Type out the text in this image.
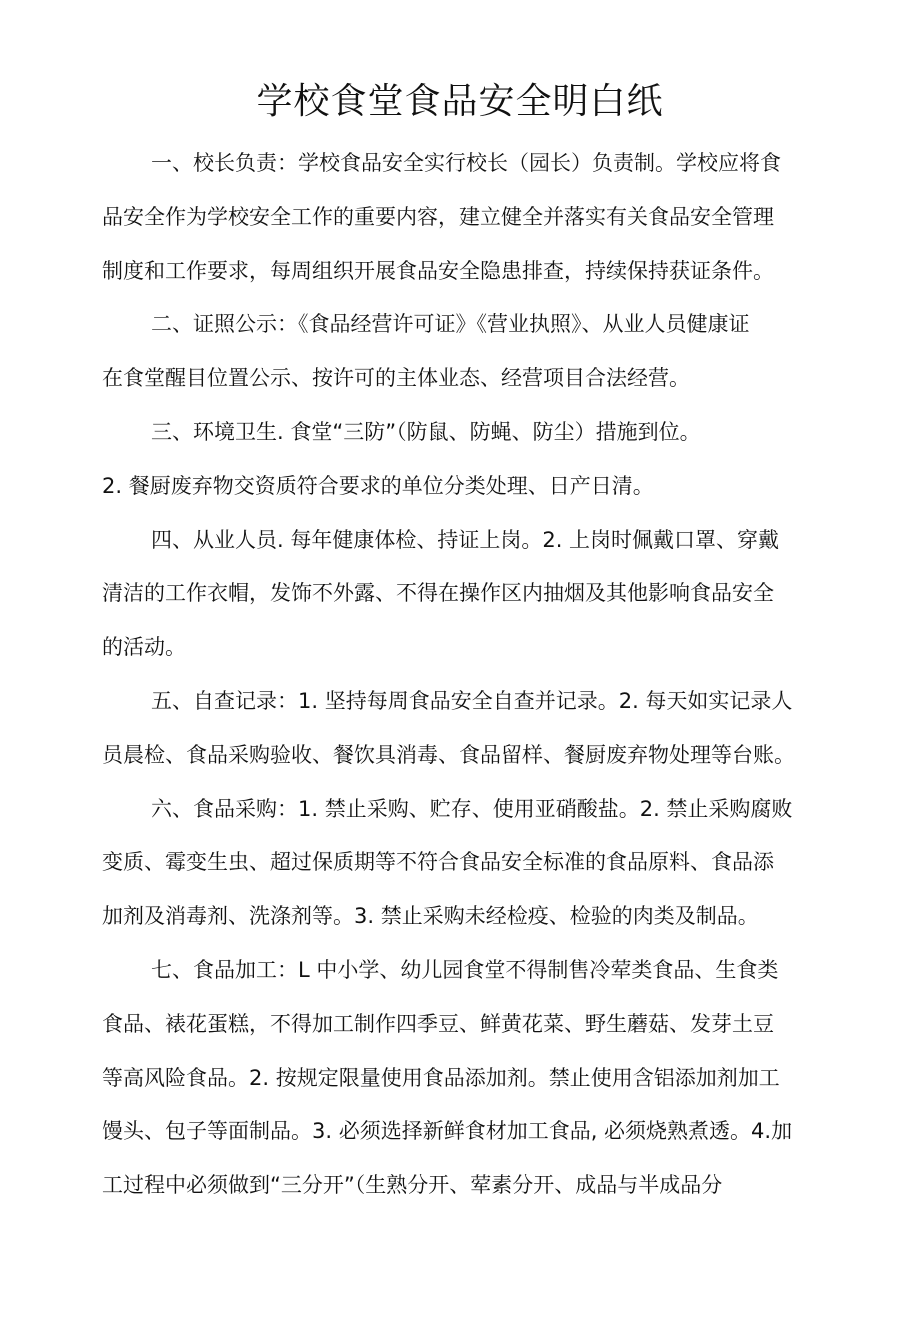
学校食堂食品安全明白纸

一、校长负责：学校食品安全实行校长（园长）负责制。学校应将食
品安全作为学校安全工作的重要内容，建立健全并落实有关食品安全管理
制度和工作要求，每周组织开展食品安全隐患排查，持续保持获证条件。

二、证照公示：《食品经营许可证》《营业执照》、从业人员健康证
在食堂醒目位置公示、按许可的主体业态、经营项目合法经营。

三、环境卫生. 食堂“三防”（防鼠、防蝇、防尘）措施到位。
2. 餐厨废弃物交资质符合要求的单位分类处理、日产日清。

四、从业人员. 每年健康体检、持证上岗。2. 上岗时佩戴口罩、穿戴
清洁的工作衣帽，发饰不外露、不得在操作区内抽烟及其他影响食品安全
的活动。

五、自查记录：1. 坚持每周食品安全自查并记录。2. 每天如实记录人
员晨检、食品采购验收、餐饮具消毒、食品留样、餐厨废弃物处理等台账。

六、食品采购：1. 禁止采购、贮存、使用亚硝酸盐。2. 禁止采购腐败
变质、霉变生虫、超过保质期等不符合食品安全标准的食品原料、食品添
加剂及消毒剂、洗涤剂等。3. 禁止采购未经检疫、检验的肉类及制品。

七、食品加工：L 中小学、幼儿园食堂不得制售冷荤类食品、生食类
食品、裱花蛋糕，不得加工制作四季豆、鲜黄花菜、野生蘑菇、发芽土豆
等高风险食品。2. 按规定限量使用食品添加剂。禁止使用含铝添加剂加工
馒头、包子等面制品。3. 必须选择新鲜食材加工食品, 必须烧熟煮透。4.加
工过程中必须做到“三分开”（生熟分开、荤素分开、成品与半成品分
